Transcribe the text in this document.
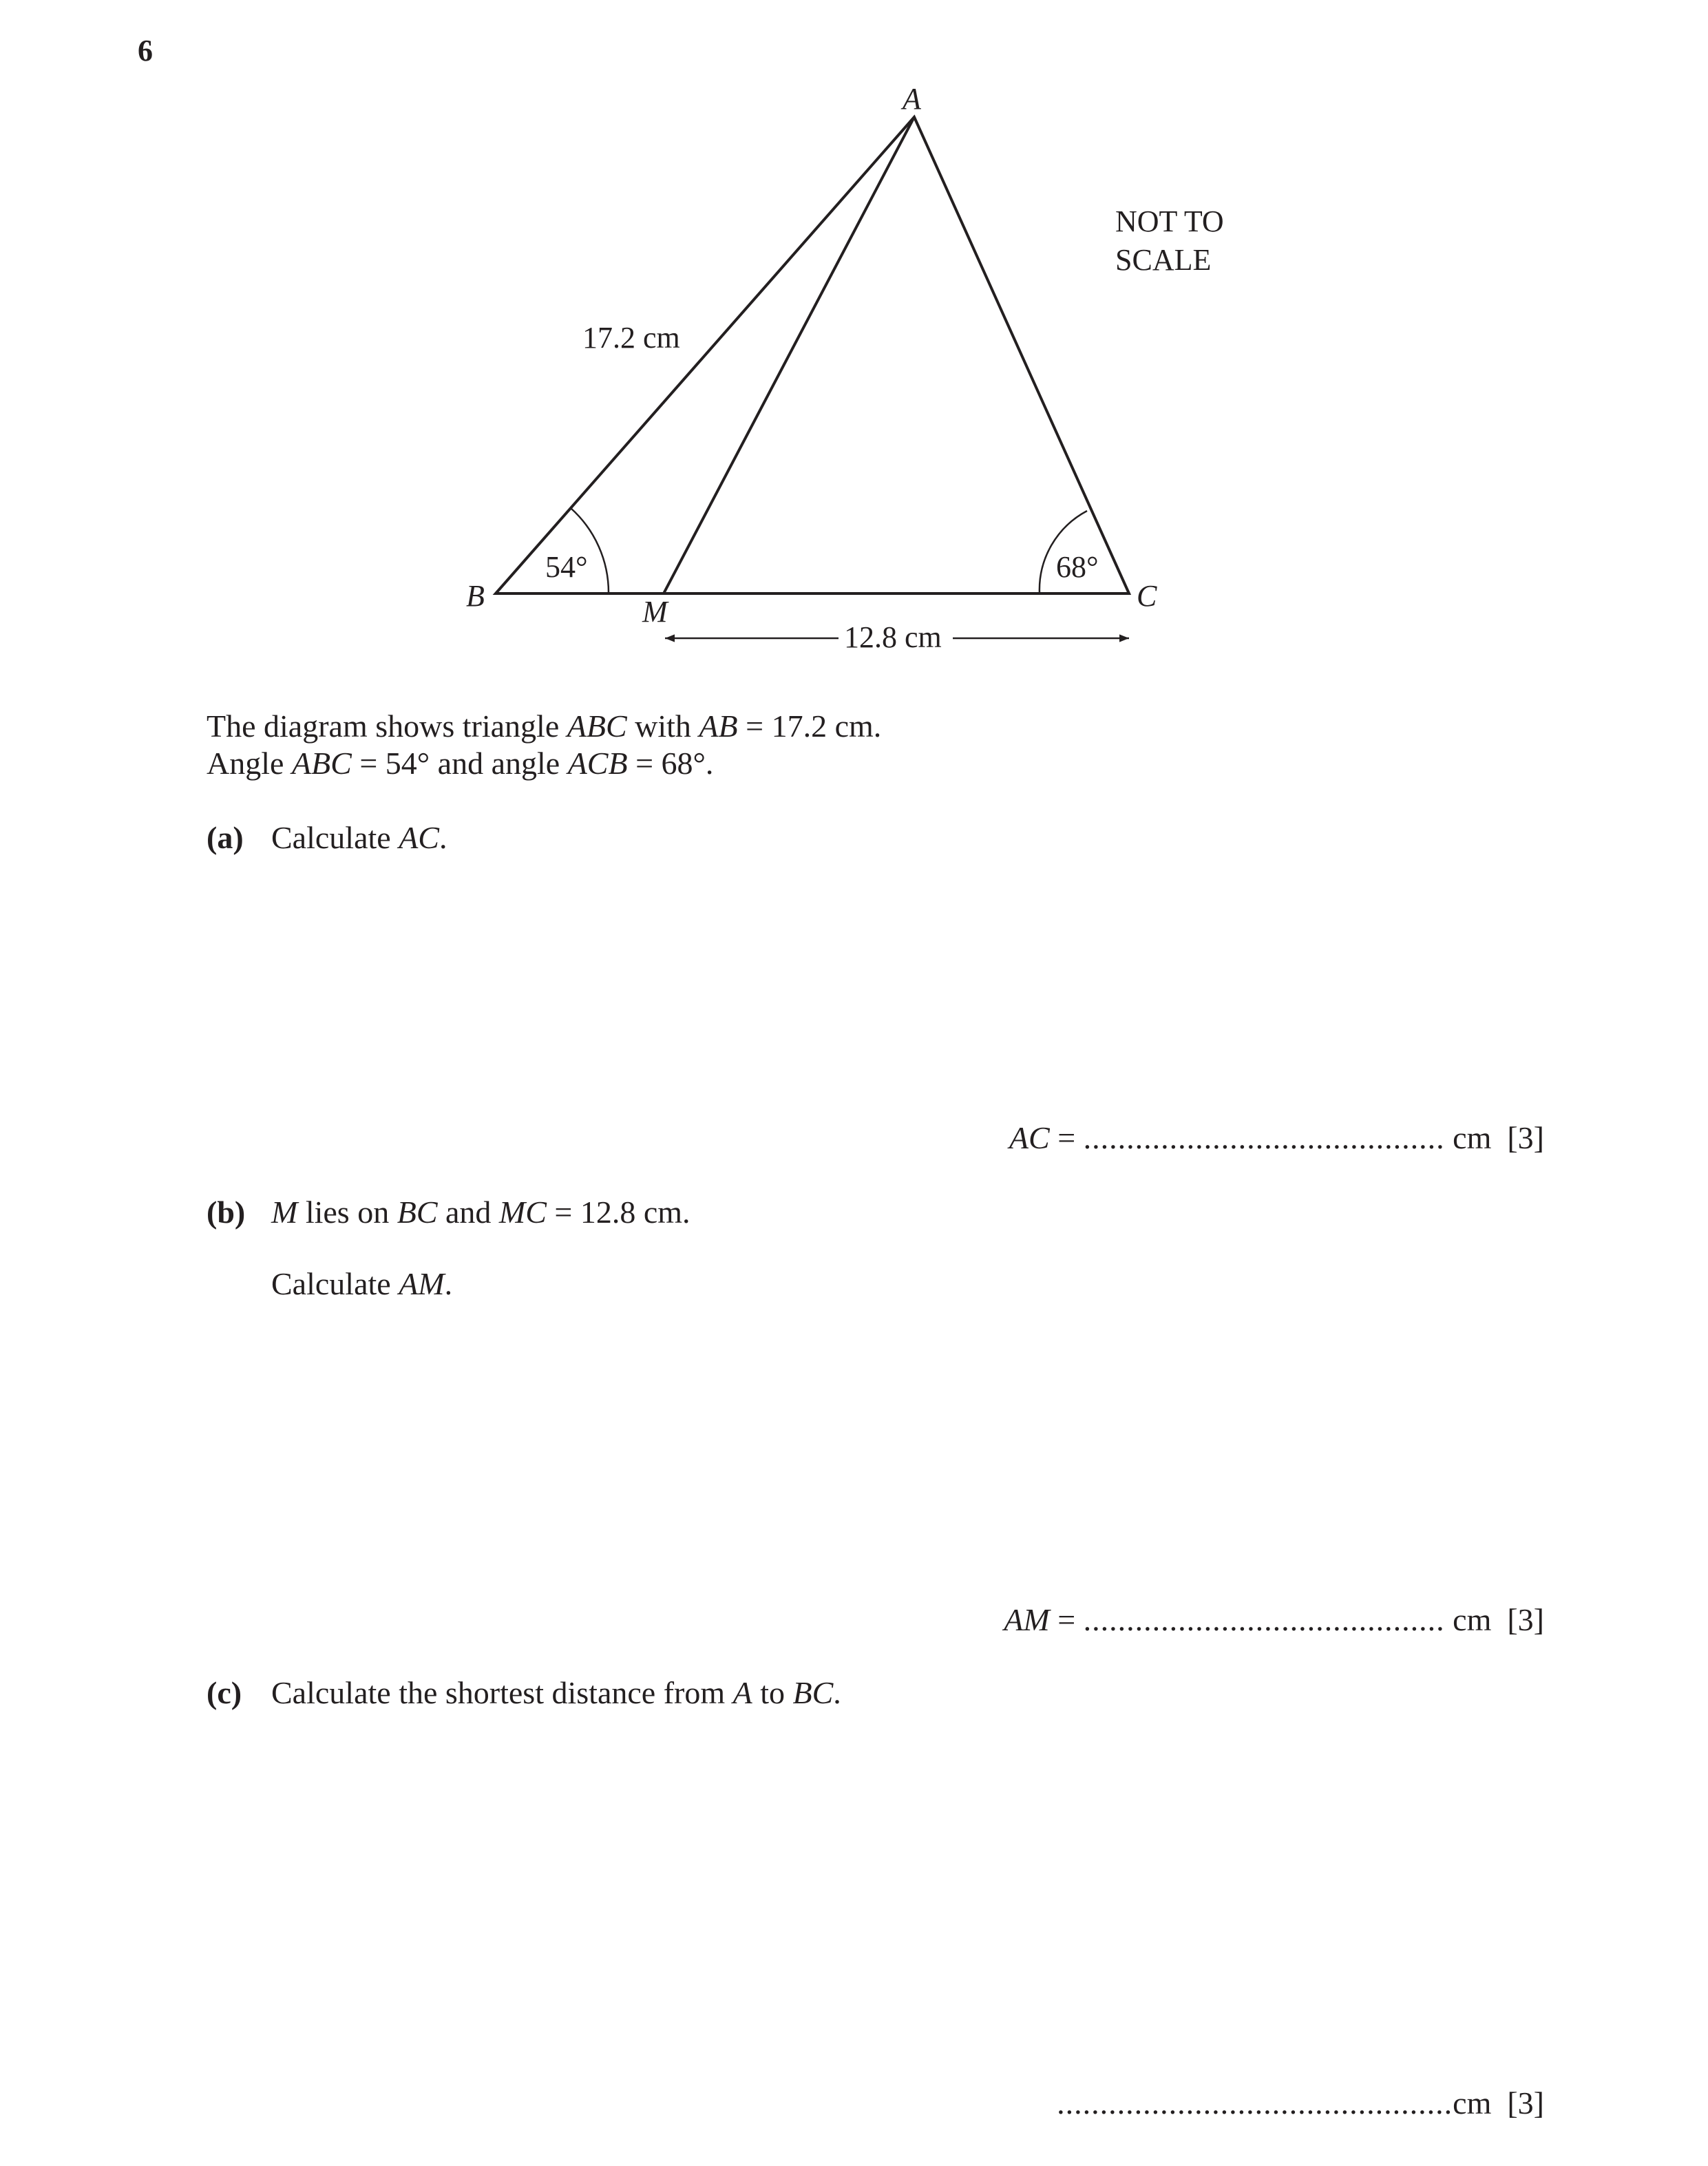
6
A
B	C
M
17.2 cm
12.8 cm
54°	68°
NOT TO
SCALE
The diagram shows triangle ABC with AB = 17.2 cm.
Angle ABC = 54° and angle ACB = 68°.
(a) Calculate AC.
AC = .......................................... cm [3]
(b) M lies on BC and MC = 12.8 cm.
Calculate AM.
AM = .......................................... cm [3]
(c) Calculate the shortest distance from A to BC.
..............................................cm [3]
